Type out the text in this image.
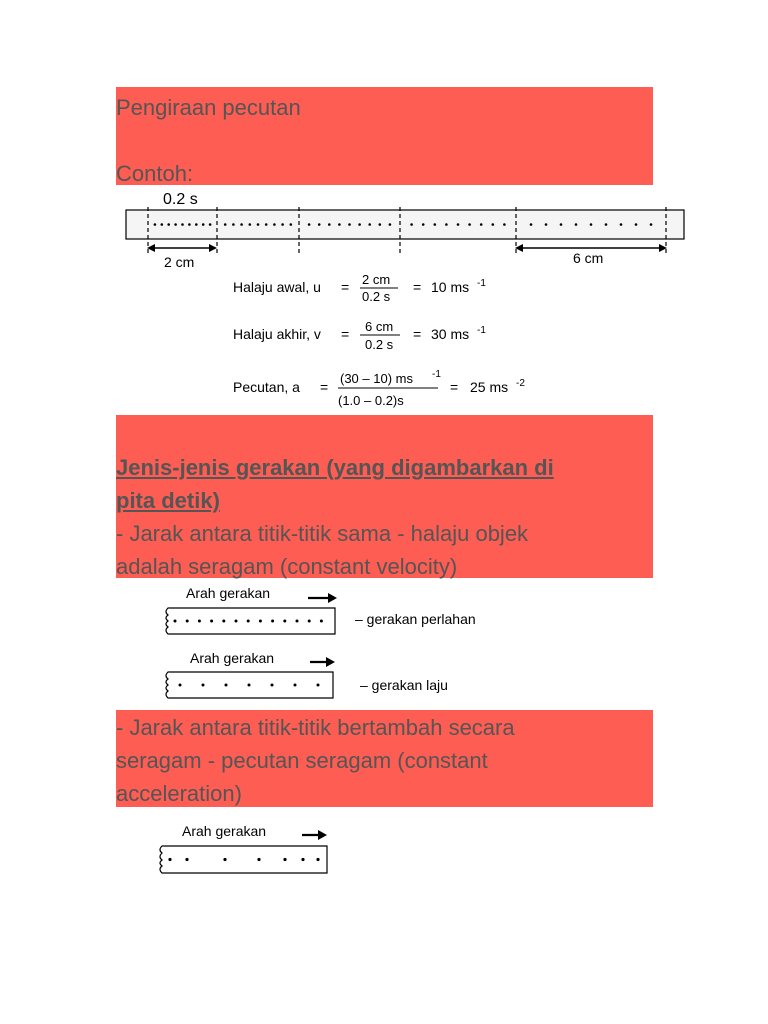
Pengiraan pecutan
Contoh:
0.2 s
2 cm	6 cm
Halaju awal, u = 2 cm
0.2 s
= 10 ms -1
Halaju akhir, v = 6 cm
0.2 s
= 30 ms -1
Pecutan, a =
(30 – 10) ms -1
(1.0 – 0.2)s
= 25 ms -2
Jenis-jenis gerakan (yang digambarkan di
pita detik)
- Jarak antara titik-titik sama - halaju objek
adalah seragam (constant velocity)
Arah gerakan
– gerakan perlahan
Arah gerakan
– gerakan laju
- Jarak antara titik-titik bertambah secara
seragam - pecutan seragam (constant
acceleration)
Arah gerakan
